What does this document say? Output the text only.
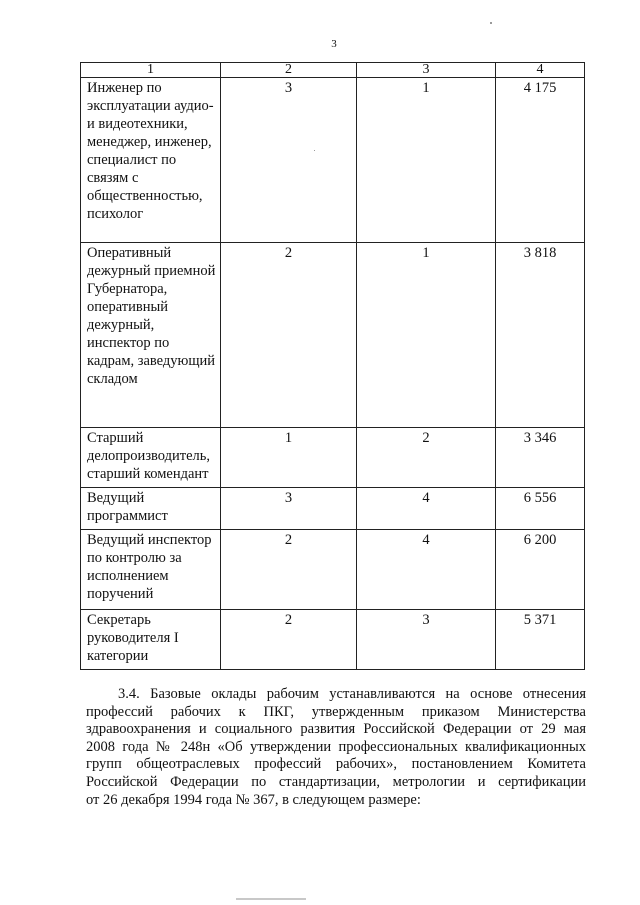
3
1	2	3	4
Инженер по эксплуатации аудио- и видеотехники, менеджер, инженер, специалист по связям с общественностью, психолог	3	1	4 175
Оперативный дежурный приемной Губернатора, оперативный дежурный, инспектор по кадрам, заведующий складом	2	1	3 818
Старший делопроизводитель, старший комендант	1	2	3 346
Ведущий программист	3	4	6 556
Ведущий инспектор по контролю за исполнением поручений	2	4	6 200
Секретарь руководителя I категории	2	3	5 371
3.4. Базовые оклады рабочим устанавливаются на основе отнесения
профессий рабочих к ПКГ, утвержденным приказом Министерства
здравоохранения и социального развития Российской Федерации от 29 мая
2008 года № 248н «Об утверждении профессиональных квалификационных
групп общеотраслевых профессий рабочих», постановлением Комитета
Российской Федерации по стандартизации, метрологии и сертификации
от 26 декабря 1994 года № 367, в следующем размере:
